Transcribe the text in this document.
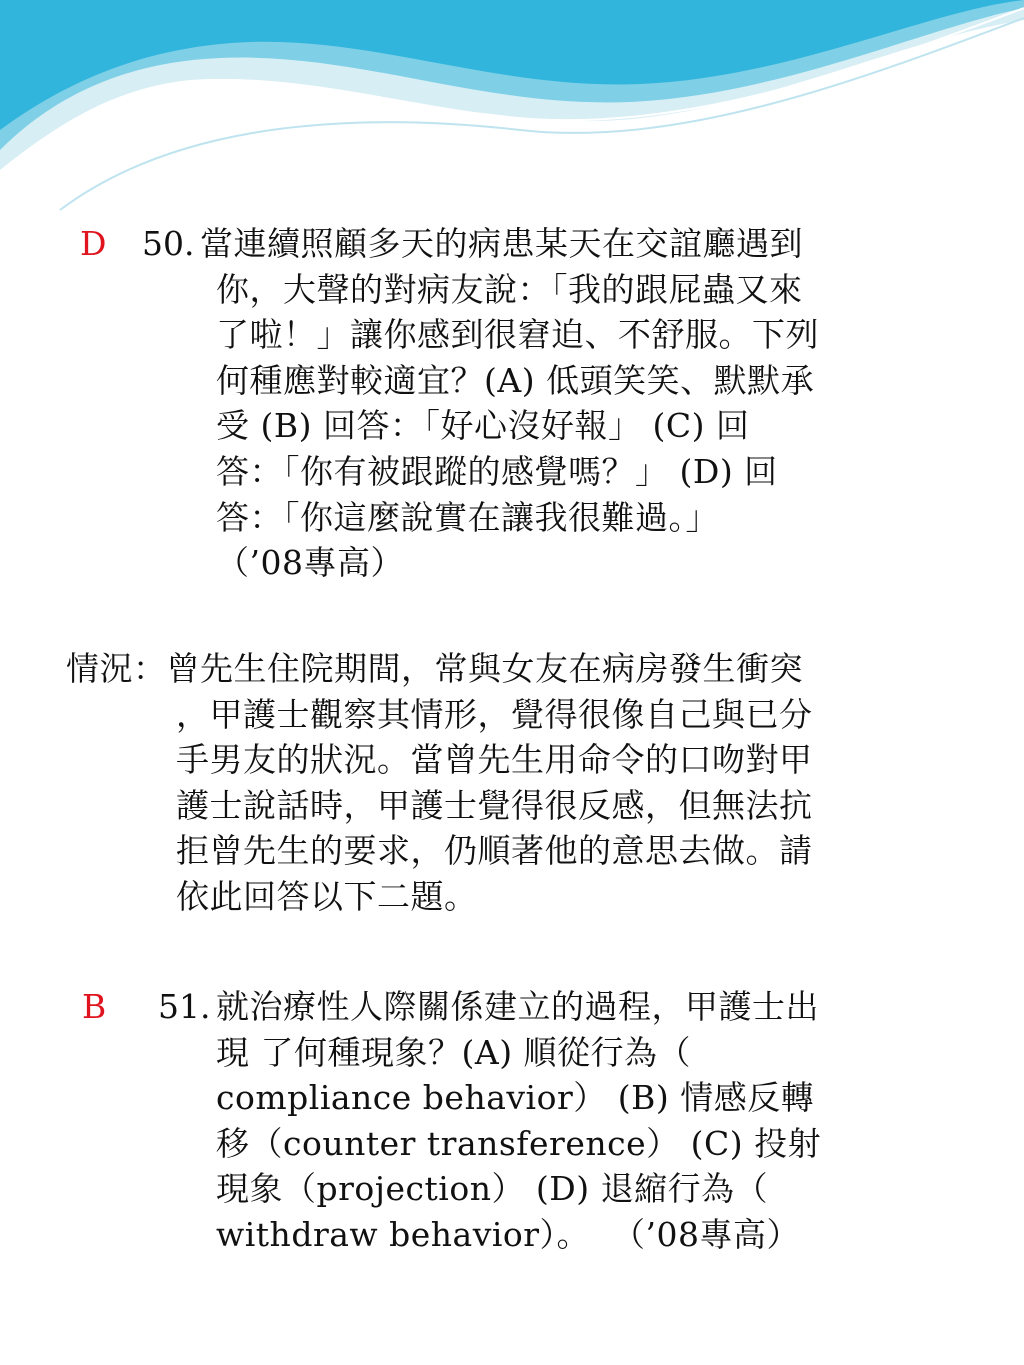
D 50. 當連續照顧多天的病患某天在交誼廳遇到
你，大聲的對病友說：「我的跟屁蟲又來
了啦！」讓你感到很窘迫、不舒服。下列
何種應對較適宜？(A) 低頭笑笑、默默承
受 (B) 回答：「好心沒好報」 (C) 回
答：「你有被跟蹤的感覺嗎？」 (D) 回
答：「你這麼說實在讓我很難過。」
（’08專高）
情況：曾先生住院期間，常與女友在病房發生衝突
，甲護士觀察其情形，覺得很像自己與已分
手男友的狀況。當曾先生用命令的口吻對甲
護士說話時，甲護士覺得很反感，但無法抗
拒曾先生的要求，仍順著他的意思去做。請
依此回答以下二題。
B 51. 就治療性人際關係建立的過程，甲護士出
現 了何種現象？(A) 順從行為（
compliance behavior） (B) 情感反轉
移（counter transference） (C) 投射
現象（projection） (D) 退縮行為（
withdraw behavior）。  （’08專高）
